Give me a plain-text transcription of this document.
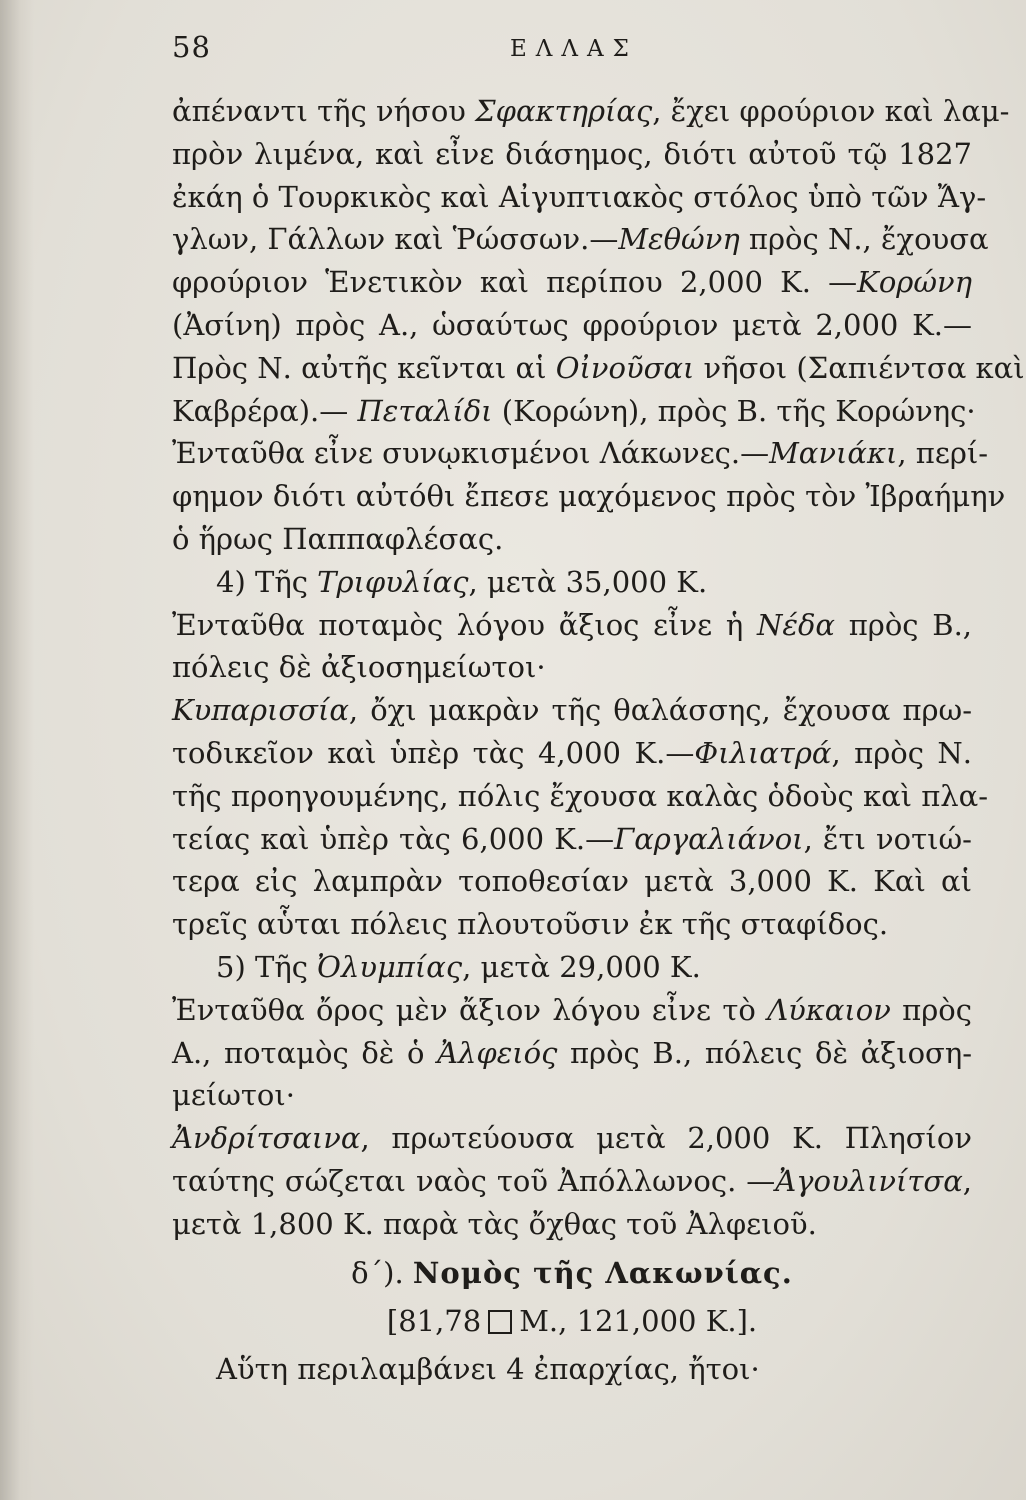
58	ΕΛΛΑΣ
ἀπέναντι τῆς νήσου Σφακτηρίας, ἔχει φρούριον καὶ λαμ-
πρὸν λιμένα, καὶ εἶνε διάσημος, διότι αὐτοῦ τῷ 1827
ἐκάη ὁ Τουρκικὸς καὶ Αἰγυπτιακὸς στόλος ὑπὸ τῶν Ἄγ-
γλων, Γάλλων καὶ Ῥώσσων.—Μεθώνη πρὸς Ν., ἔχουσα
φρούριον Ἑνετικὸν καὶ περίπου 2,000 Κ. —Κορώνη
(Ἀσίνη) πρὸς Α., ὡσαύτως φρούριον μετὰ 2,000 Κ.—
Πρὸς Ν. αὐτῆς κεῖνται αἱ Οἰνοῦσαι νῆσοι (Σαπιέντσα καὶ
Καβρέρα).— Πεταλίδι (Κορώνη), πρὸς Β. τῆς Κορώνης·
Ἐνταῦθα εἶνε συνῳκισμένοι Λάκωνες.—Μανιάκι, περί-
φημον διότι αὐτόθι ἔπεσε μαχόμενος πρὸς τὸν Ἰβραήμην
ὁ ἥρως Παππαφλέσας.
4) Τῆς Τριφυλίας, μετὰ 35,000 Κ.
Ἐνταῦθα ποταμὸς λόγου ἄξιος εἶνε ἡ Νέδα πρὸς Β.,
πόλεις δὲ ἀξιοσημείωτοι·
Κυπαρισσία, ὄχι μακρὰν τῆς θαλάσσης, ἔχουσα πρω-
τοδικεῖον καὶ ὑπὲρ τὰς 4,000 Κ.—Φιλιατρά, πρὸς Ν.
τῆς προηγουμένης, πόλις ἔχουσα καλὰς ὁδοὺς καὶ πλα-
τείας καὶ ὑπὲρ τὰς 6,000 Κ.—Γαργαλιάνοι, ἔτι νοτιώ-
τερα εἰς λαμπρὰν τοποθεσίαν μετὰ 3,000 Κ. Καὶ αἱ
τρεῖς αὗται πόλεις πλουτοῦσιν ἐκ τῆς σταφίδος.
5) Τῆς Ὀλυμπίας, μετὰ 29,000 Κ.
Ἐνταῦθα ὄρος μὲν ἄξιον λόγου εἶνε τὸ Λύκαιον πρὸς
Α., ποταμὸς δὲ ὁ Ἀλφειός πρὸς Β., πόλεις δὲ ἀξιοση-
μείωτοι·
Ἀνδρίτσαινα, πρωτεύουσα μετὰ 2,000 Κ. Πλησίον
ταύτης σώζεται ναὸς τοῦ Ἀπόλλωνος. —Ἀγουλινίτσα,
μετὰ 1,800 Κ. παρὰ τὰς ὄχθας τοῦ Ἀλφειοῦ.
δ΄). Νομὸς τῆς Λακωνίας.
[81,78 Μ., 121,000 Κ.].
Αὕτη περιλαμβάνει 4 ἐπαρχίας, ἤτοι·
